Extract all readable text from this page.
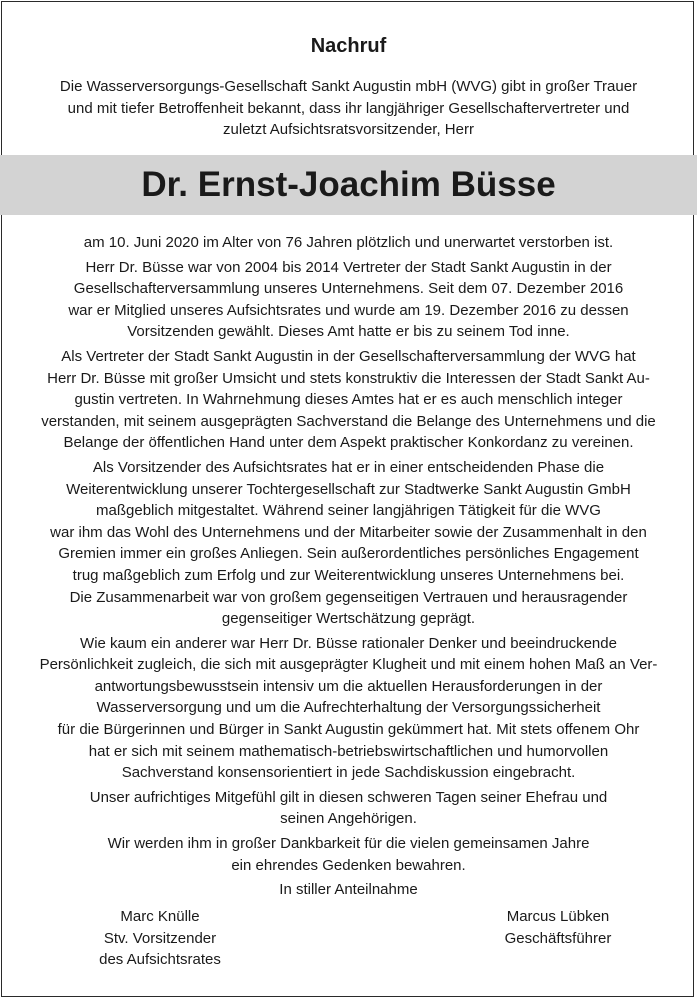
Nachruf
Die Wasserversorgungs-Gesellschaft Sankt Augustin mbH (WVG) gibt in großer Trauer
und mit tiefer Betroffenheit bekannt, dass ihr langjähriger Gesellschaftervertreter und
zuletzt Aufsichtsratsvorsitzender, Herr
Dr. Ernst-Joachim Büsse

am 10. Juni 2020 im Alter von 76 Jahren plötzlich und unerwartet verstorben ist.

Herr Dr. Büsse war von 2004 bis 2014 Vertreter der Stadt Sankt Augustin in der
Gesellschafterversammlung unseres Unternehmens. Seit dem 07. Dezember 2016
war er Mitglied unseres Aufsichtsrates und wurde am 19. Dezember 2016 zu dessen
Vorsitzenden gewählt. Dieses Amt hatte er bis zu seinem Tod inne.

Als Vertreter der Stadt Sankt Augustin in der Gesellschafterversammlung der WVG hat
Herr Dr. Büsse mit großer Umsicht und stets konstruktiv die Interessen der Stadt Sankt Au-
gustin vertreten. In Wahrnehmung dieses Amtes hat er es auch menschlich integer
verstanden, mit seinem ausgeprägten Sachverstand die Belange des Unternehmens und die
Belange der öffentlichen Hand unter dem Aspekt praktischer Konkordanz zu vereinen.

Als Vorsitzender des Aufsichtsrates hat er in einer entscheidenden Phase die
Weiterentwicklung unserer Tochtergesellschaft zur Stadtwerke Sankt Augustin GmbH
maßgeblich mitgestaltet. Während seiner langjährigen Tätigkeit für die WVG
war ihm das Wohl des Unternehmens und der Mitarbeiter sowie der Zusammenhalt in den
Gremien immer ein großes Anliegen. Sein außerordentliches persönliches Engagement
trug maßgeblich zum Erfolg und zur Weiterentwicklung unseres Unternehmens bei.
Die Zusammenarbeit war von großem gegenseitigen Vertrauen und herausragender
gegenseitiger Wertschätzung geprägt.

Wie kaum ein anderer war Herr Dr. Büsse rationaler Denker und beeindruckende
Persönlichkeit zugleich, die sich mit ausgeprägter Klugheit und mit einem hohen Maß an Ver-
antwortungsbewusstsein intensiv um die aktuellen Herausforderungen in der
Wasserversorgung und um die Aufrechterhaltung der Versorgungssicherheit
für die Bürgerinnen und Bürger in Sankt Augustin gekümmert hat. Mit stets offenem Ohr
hat er sich mit seinem mathematisch-betriebswirtschaftlichen und humorvollen
Sachverstand konsensorientiert in jede Sachdiskussion eingebracht.

Unser aufrichtiges Mitgefühl gilt in diesen schweren Tagen seiner Ehefrau und
seinen Angehörigen.

Wir werden ihm in großer Dankbarkeit für die vielen gemeinsamen Jahre
ein ehrendes Gedenken bewahren.

In stiller Anteilnahme

Marc Knülle
Stv. Vorsitzender
des Aufsichtsrates
Marcus Lübken
Geschäftsführer
